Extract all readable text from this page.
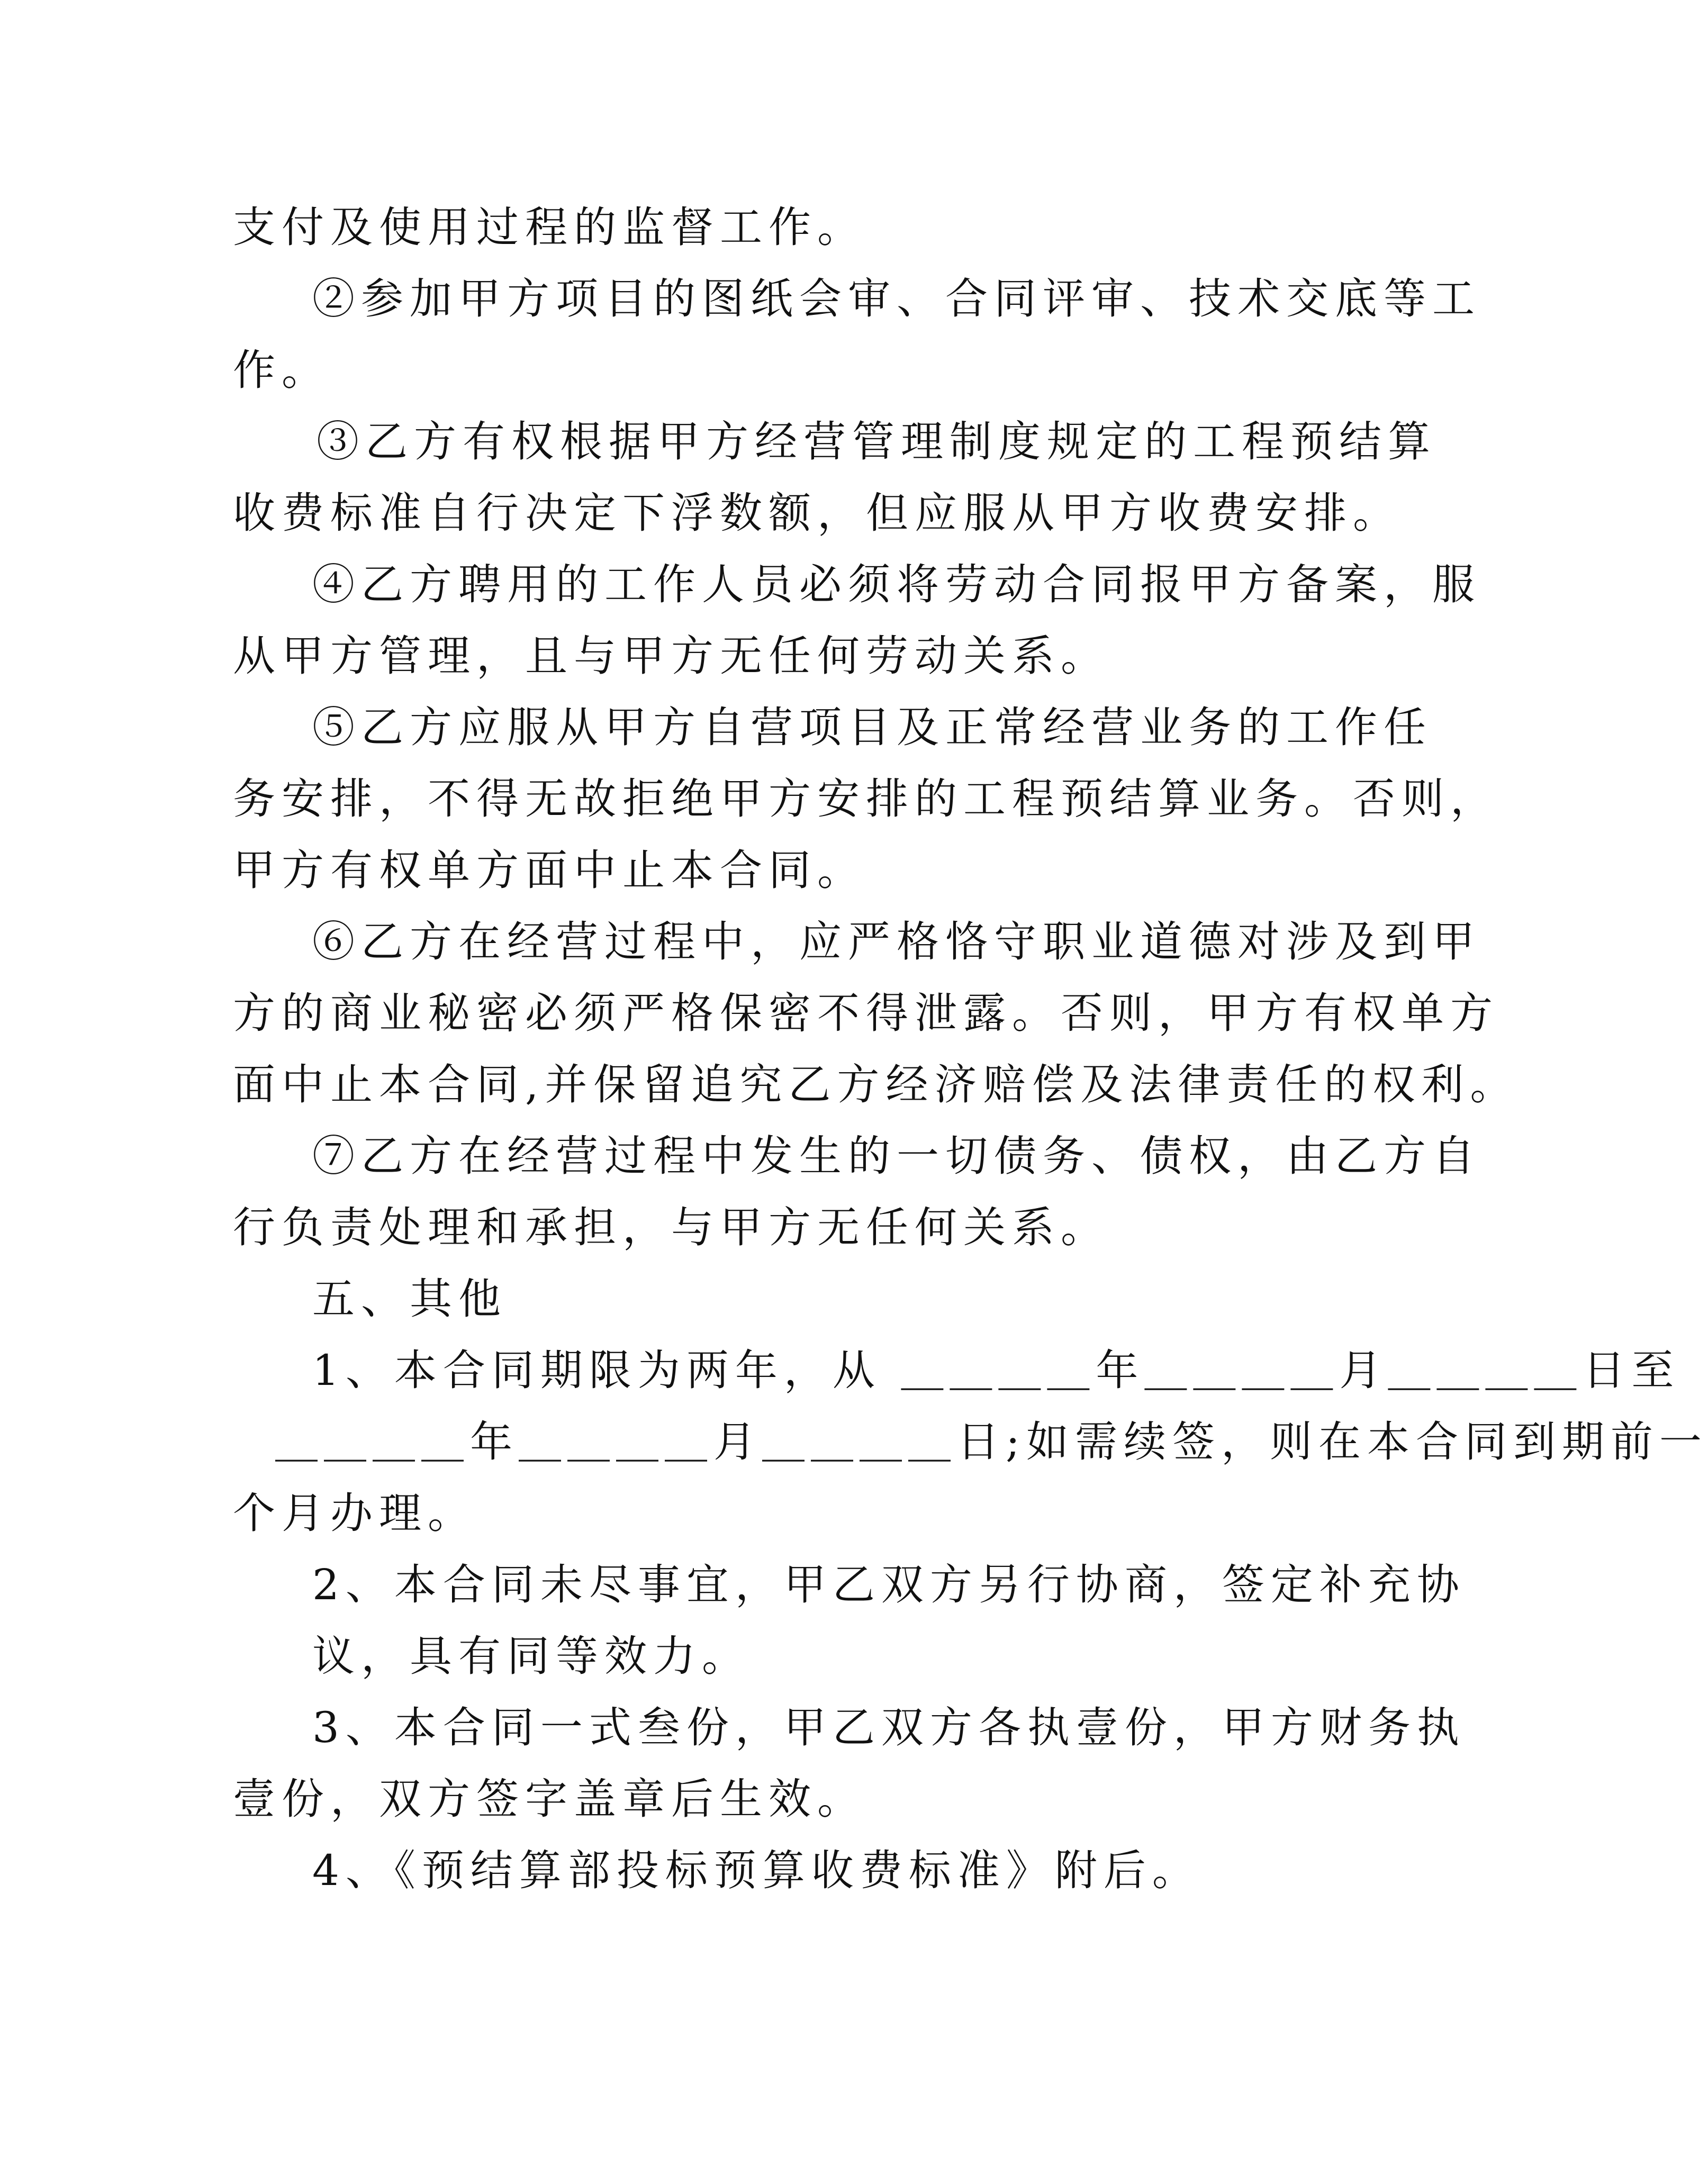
支付及使用过程的监督工作。
②参加甲方项目的图纸会审、合同评审、技术交底等工
作。
③乙方有权根据甲方经营管理制度规定的工程预结算
收费标准自行决定下浮数额，但应服从甲方收费安排。
④乙方聘用的工作人员必须将劳动合同报甲方备案，服
从甲方管理，且与甲方无任何劳动关系。
⑤乙方应服从甲方自营项目及正常经营业务的工作任
务安排，不得无故拒绝甲方安排的工程预结算业务。否则，
甲方有权单方面中止本合同。
⑥乙方在经营过程中，应严格恪守职业道德对涉及到甲
方的商业秘密必须严格保密不得泄露。否则，甲方有权单方
面中止本合同,并保留追究乙方经济赔偿及法律责任的权利。
⑦乙方在经营过程中发生的一切债务、债权，由乙方自
行负责处理和承担，与甲方无任何关系。
五、其他
1、本合同期限为两年，从 ＿＿＿＿年＿＿＿＿月＿＿＿＿日至
＿＿＿＿年＿＿＿＿月＿＿＿＿日;如需续签，则在本合同到期前一
个月办理。
2、本合同未尽事宜，甲乙双方另行协商，签定补充协
议，具有同等效力。
3、本合同一式叁份，甲乙双方各执壹份，甲方财务执
壹份，双方签字盖章后生效。
4、《预结算部投标预算收费标准》附后。
